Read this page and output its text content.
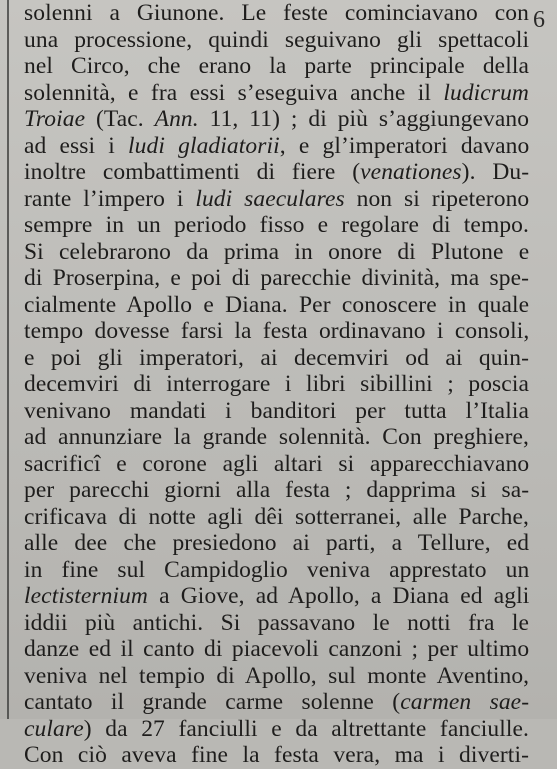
6
solenni a Giunone. Le feste cominciavano con
una processione, quindi seguivano gli spettacoli
nel Circo, che erano la parte principale della
solennità, e fra essi s’eseguiva anche il ludicrum
Troiae (Tac. Ann. 11, 11) ; di più s’aggiungevano
ad essi i ludi gladiatorii, e gl’imperatori davano
inoltre combattimenti di fiere (venationes). Du-
rante l’impero i ludi saeculares non si ripeterono
sempre in un periodo fisso e regolare di tempo.
Si celebrarono da prima in onore di Plutone e
di Proserpina, e poi di parecchie divinità, ma spe-
cialmente Apollo e Diana. Per conoscere in quale
tempo dovesse farsi la festa ordinavano i consoli,
e poi gli imperatori, ai decemviri od ai quin-
decemviri di interrogare i libri sibillini ; poscia
venivano mandati i banditori per tutta l’Italia
ad annunziare la grande solennità. Con preghiere,
sacrificî e corone agli altari si apparecchiavano
per parecchi giorni alla festa ; dapprima si sa-
crificava di notte agli dêi sotterranei, alle Parche,
alle dee che presiedono ai parti, a Tellure, ed
in fine sul Campidoglio veniva apprestato un
lectisternium a Giove, ad Apollo, a Diana ed agli
iddii più antichi. Si passavano le notti fra le
danze ed il canto di piacevoli canzoni ; per ultimo
veniva nel tempio di Apollo, sul monte Aventino,
cantato il grande carme solenne (carmen sae-
culare) da 27 fanciulli e da altrettante fanciulle.
Con ciò aveva fine la festa vera, ma i diverti-
